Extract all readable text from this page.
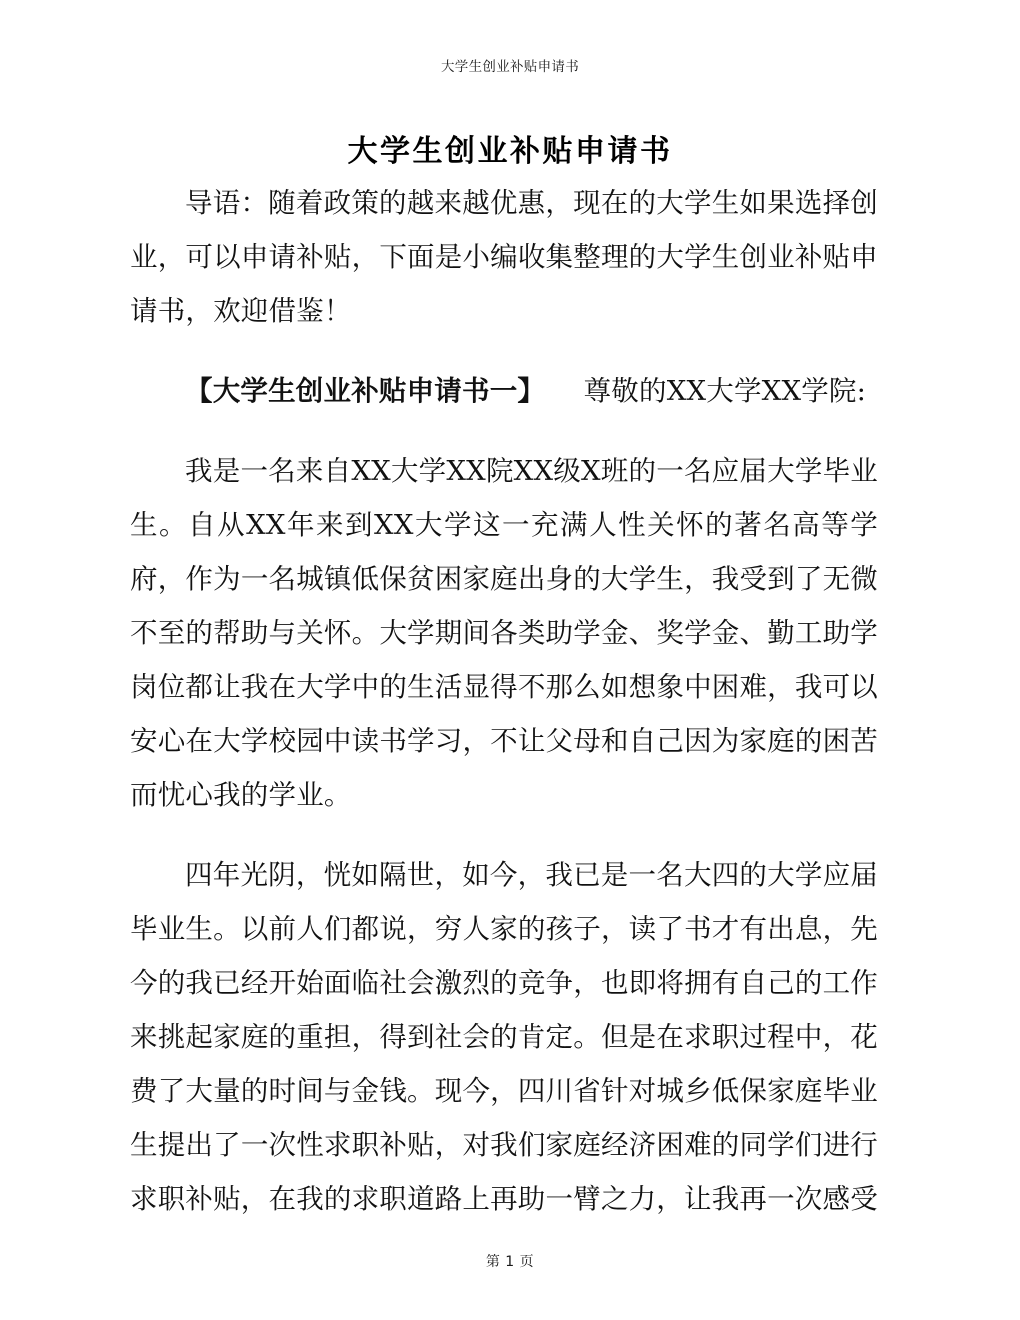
大学生创业补贴申请书
大学生创业补贴申请书

导语：随着政策的越来越优惠，现在的大学生如果选择创业，可以申请补贴，下面是小编收集整理的大学生创业补贴申请书，欢迎借鉴！

【大学生创业补贴申请书一】 尊敬的XX大学XX学院:

我是一名来自XX大学XX院XX级X班的一名应届大学毕业生。自从XX年来到XX大学这一充满人性关怀的著名高等学府，作为一名城镇低保贫困家庭出身的大学生，我受到了无微不至的帮助与关怀。大学期间各类助学金、奖学金、勤工助学岗位都让我在大学中的生活显得不那么如想象中困难，我可以安心在大学校园中读书学习，不让父母和自己因为家庭的困苦而忧心我的学业。

四年光阴，恍如隔世，如今，我已是一名大四的大学应届毕业生。以前人们都说，穷人家的孩子，读了书才有出息，先今的我已经开始面临社会激烈的竞争，也即将拥有自己的工作来挑起家庭的重担，得到社会的肯定。但是在求职过程中，花费了大量的时间与金钱。现今，四川省针对城乡低保家庭毕业生提出了一次性求职补贴，对我们家庭经济困难的同学们进行求职补贴，在我的求职道路上再助一臂之力，让我再一次感受

第 1 页
